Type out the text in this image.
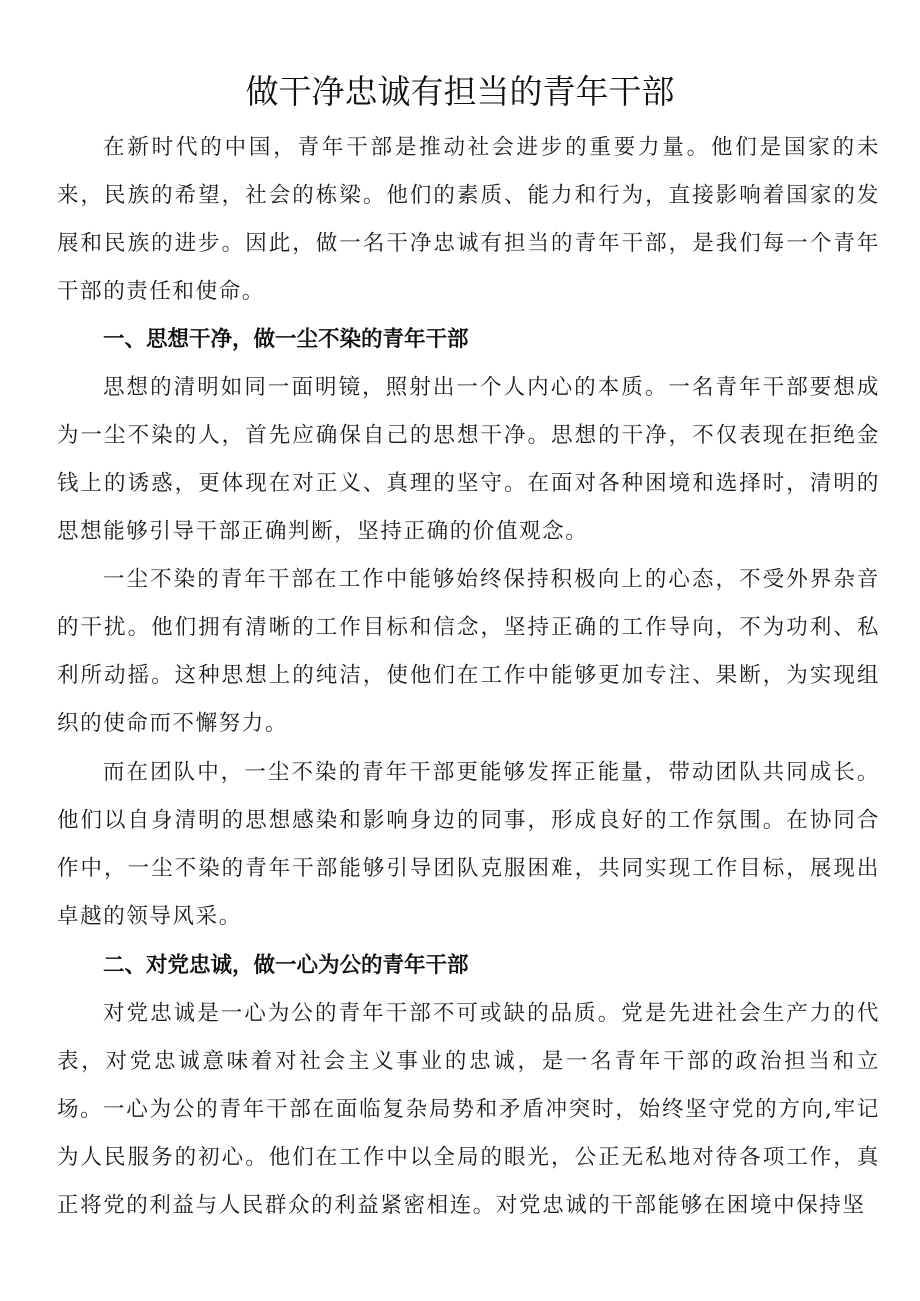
做干净忠诚有担当的青年干部

在新时代的中国，青年干部是推动社会进步的重要力量。他们是国家的未来，民族的希望，社会的栋梁。他们的素质、能力和行为，直接影响着国家的发展和民族的进步。因此，做一名干净忠诚有担当的青年干部，是我们每一个青年干部的责任和使命。

一、思想干净，做一尘不染的青年干部

思想的清明如同一面明镜，照射出一个人内心的本质。一名青年干部要想成为一尘不染的人，首先应确保自己的思想干净。思想的干净，不仅表现在拒绝金钱上的诱惑，更体现在对正义、真理的坚守。在面对各种困境和选择时，清明的思想能够引导干部正确判断，坚持正确的价值观念。

一尘不染的青年干部在工作中能够始终保持积极向上的心态，不受外界杂音的干扰。他们拥有清晰的工作目标和信念，坚持正确的工作导向，不为功利、私利所动摇。这种思想上的纯洁，使他们在工作中能够更加专注、果断，为实现组织的使命而不懈努力。

而在团队中，一尘不染的青年干部更能够发挥正能量，带动团队共同成长。他们以自身清明的思想感染和影响身边的同事，形成良好的工作氛围。在协同合作中，一尘不染的青年干部能够引导团队克服困难，共同实现工作目标，展现出卓越的领导风采。

二、对党忠诚，做一心为公的青年干部

对党忠诚是一心为公的青年干部不可或缺的品质。党是先进社会生产力的代表，对党忠诚意味着对社会主义事业的忠诚，是一名青年干部的政治担当和立场。 一心为公的青年干部在面临复杂局势和矛盾冲突时，始终坚守党的方向,牢记为人民服务的初心。他们在工作中以全局的眼光，公正无私地对待各项工作，真正将党的利益与人民群众的利益紧密相连。对党忠诚的干部能够在困境中保持坚
